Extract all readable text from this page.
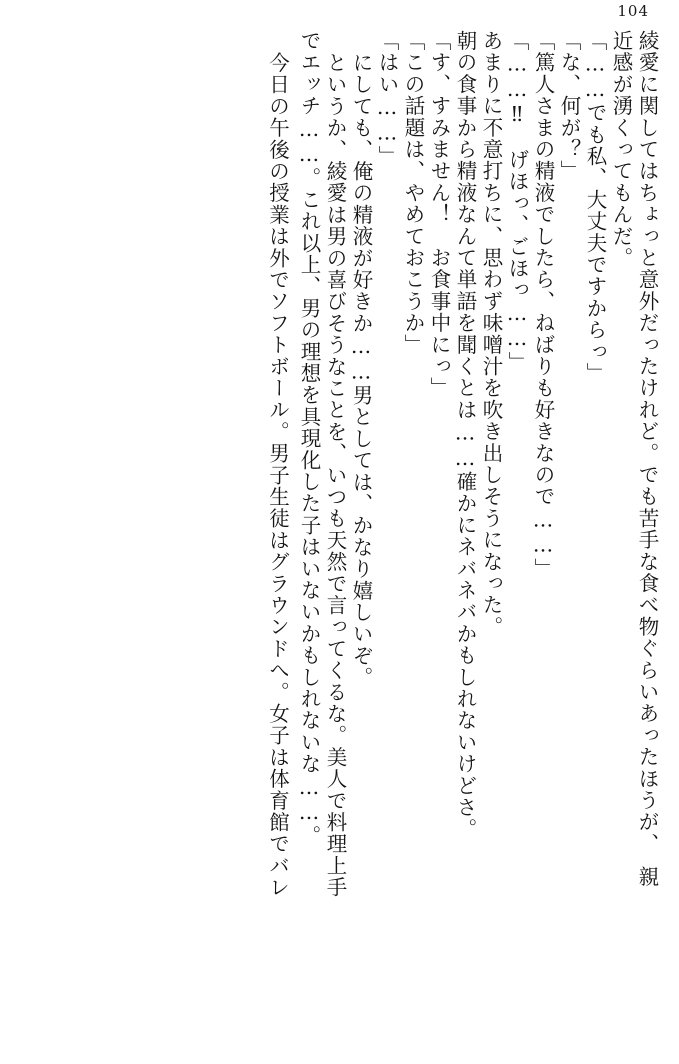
104
綾愛に関してはちょっと意外だったけれど。でも苦手な食べ物ぐらいあったほうが、　親
近感が湧くってもんだ。
「……でも私、大丈夫ですからっ」
「な、何が？」
「篤人さまの精液でしたら、ねばりも好きなので……」
「……‼　げほっ、ごほっ……」
あまりに不意打ちに、思わず味噌汁を吹き出しそうになった。
朝の食事から精液なんて単語を聞くとは……確かにネバネバかもしれないけどさ。
「す、すみません！　お食事中にっ」
「この話題は、やめておこうか」
「はい……」
にしても、俺の精液が好きか……男としては、かなり嬉しいぞ。
というか、綾愛は男の喜びそうなことを、いつも天然で言ってくるな。美人で料理上手
でエッチ……。これ以上、男の理想を具現化した子はいないかもしれないな……。
今日の午後の授業は外でソフトボール。男子生徒はグラウンドへ。女子は体育館でバレ
